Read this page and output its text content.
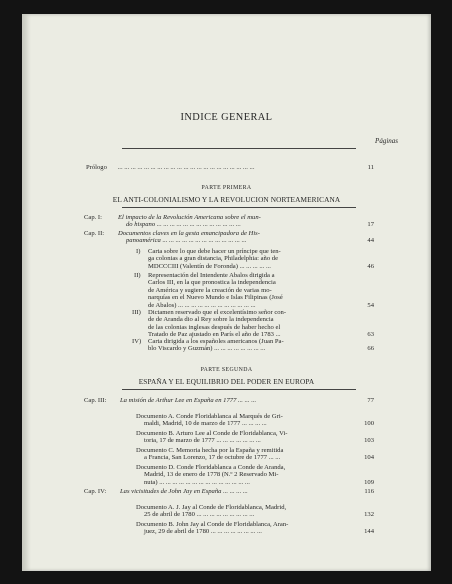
INDICE GENERAL
Páginas
Prólogo ... ... ... ... ... ... ... ... ... ... ... ... ... ... ... ... ... ... ... ... ...	11
PARTE PRIMERA
EL ANTI-COLONIALISMO Y LA REVOLUCION NORTEAMERICANA
Cap. I: El impacto de la Revolución Americana sobre el mun-
do hispano ... ... ... ... ... ... ... ... ... ... ... ... ...	17
Cap. II: Documentos claves en la gesta emancipadora de His-
panoamérica ... ... ... ... ... ... ... ... ... ... ... ... ...	44
I) Carta sobre lo que debe hacer un príncipe que ten-
ga colonias a gran distancia, Philadelphia: año de
MDCCCIII (Valentín de Foronda) ... ... ... ... ...	46
II) Representación del Intendente Abalos dirigida a
Carlos III, en la que pronostica la independencia
de América y sugiere la creación de varias mo-
narquías en el Nuevo Mundo e Islas Filipinas (José
de Abalos) ... ... ... ... ... ... ... ... ... ... ... ...	54
III) Dictamen reservado que el excelentísimo señor con-
de de Aranda dio al Rey sobre la independencia
de las colonias inglesas después de haber hecho el
Tratado de Paz ajustado en París el año de 1783 ...	63
IV) Carta dirigida a los españoles americanos (Juan Pa-
blo Viscardo y Guzmán) ... ... ... ... ... ... ... ...	66
PARTE SEGUNDA
ESPAÑA Y EL EQUILIBRIO DEL PODER EN EUROPA
Cap. III: La misión de Arthur Lee en España en 1777 ... ... ...	77
Documento A. Conde Floridablanca al Marqués de Gri-
maldi, Madrid, 10 de marzo de 1777 ... ... ... ...	100
Documento B. Arturo Lee al Conde de Floridablanca, Vi-
toria, 17 de marzo de 1777 ... ... ... ... ... ... ...	103
Documento C. Memoria hecha por la España y remitida
a Francia, San Lorenzo, 17 de octubre de 1777 ... ...	104
Documento D. Conde Floridablanca a Conde de Aranda,
Madrid, 13 de enero de 1778 (N.º 2 Reservado Mi-
nuta) ... ... ... ... ... ... ... ... ... ... ... ... ... ...	109
Cap. IV: Las vicisitudes de John Jay en España ... ... ... ...	116
Documento A. J. Jay al Conde de Floridablanca, Madrid,
25 de abril de 1780 ... ... ... ... ... ... ... ... ...	132
Documento B. John Jay al Conde de Floridablanca, Aran-
juez, 29 de abril de 1780 ... ... ... ... ... ... ... ...	144
